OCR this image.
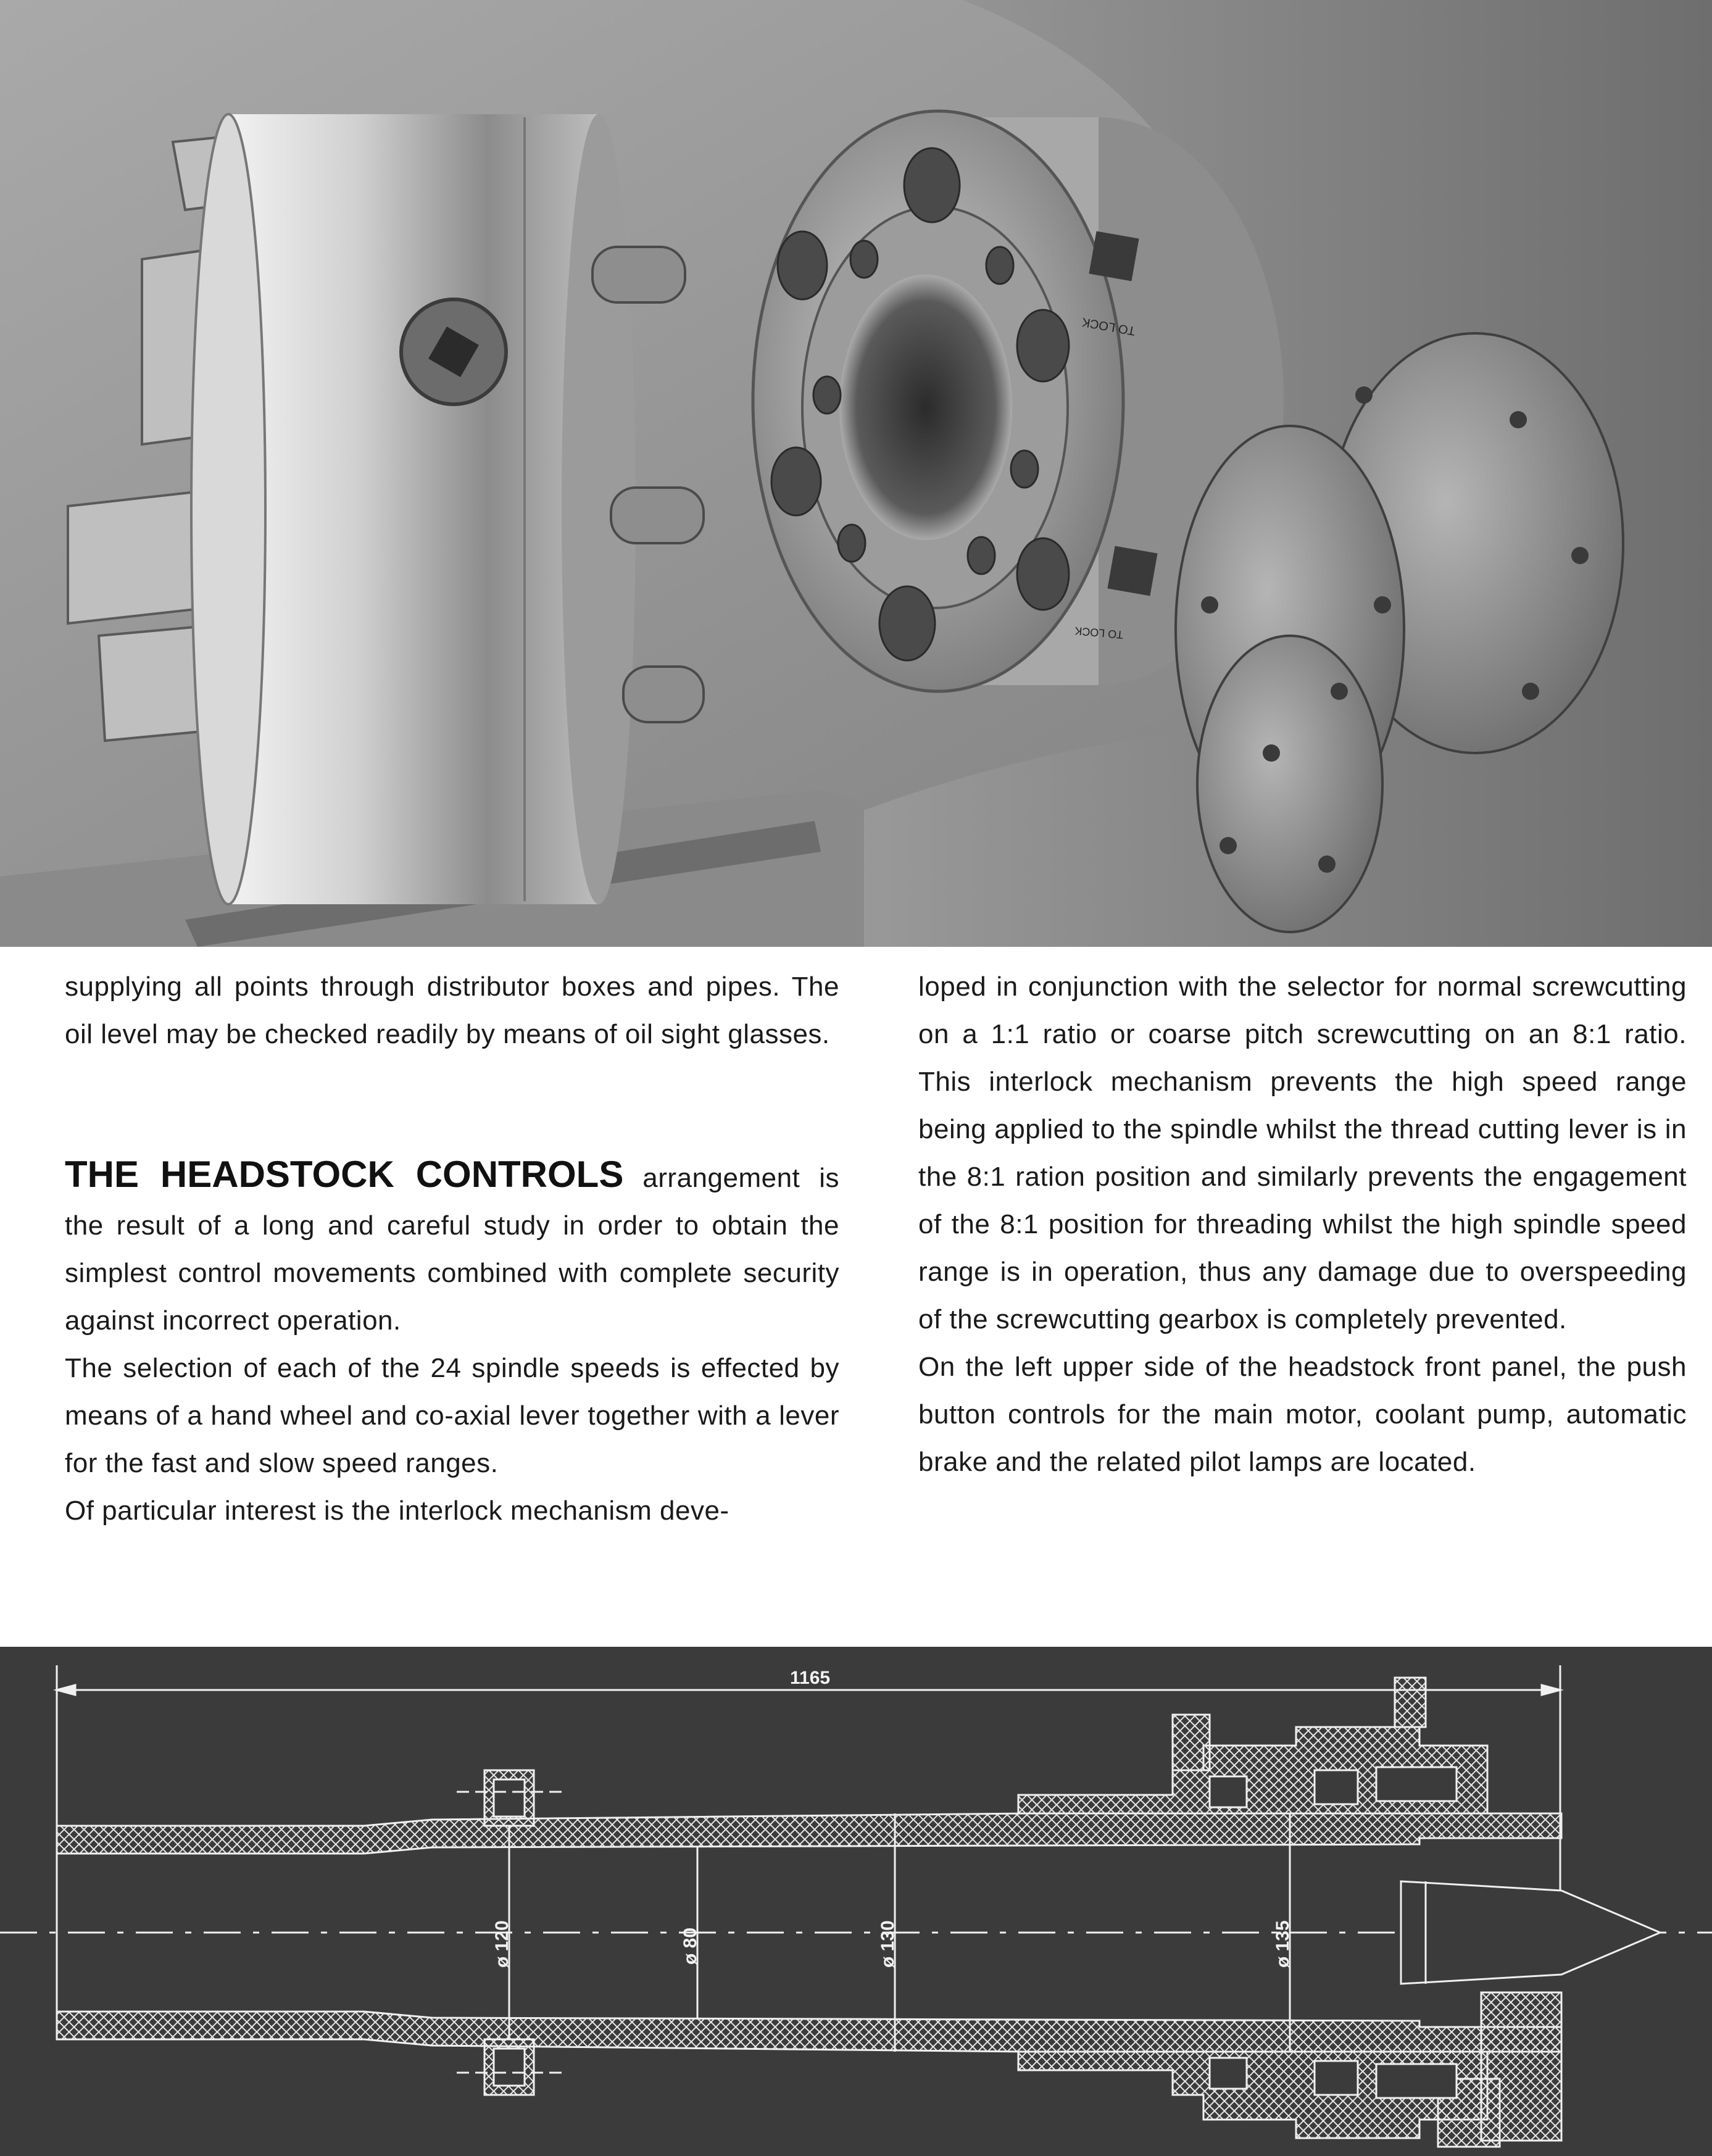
TO LOCK
TO LOCK

supplying all points through distributor boxes and pipes. The oil level may be checked readily by means of oil sight glasses.

THE HEADSTOCK CONTROLS arrangement is the result of a long and careful study in order to obtain the simplest control movements combined with complete security against incorrect operation.

The selection of each of the 24 spindle speeds is effected by means of a hand wheel and co-axial lever together with a lever for the fast and slow speed ranges.

Of particular interest is the interlock mechanism deve-

loped in conjunction with the selector for normal screwcutting on a 1:1 ratio or coarse pitch screwcutting on an 8:1 ratio. This interlock mechanism prevents the high speed range being applied to the spindle whilst the thread cutting lever is in the 8:1 ration position and similarly prevents the engagement of the 8:1 position for threading whilst the high spindle speed range is in operation, thus any damage due to overspeeding of the screwcutting gearbox is completely prevented.

On the left upper side of the headstock front panel, the push button controls for the main motor, coolant pump, automatic brake and the related pilot lamps are located.

1165
ø 120	ø 80	ø 130	ø 135
